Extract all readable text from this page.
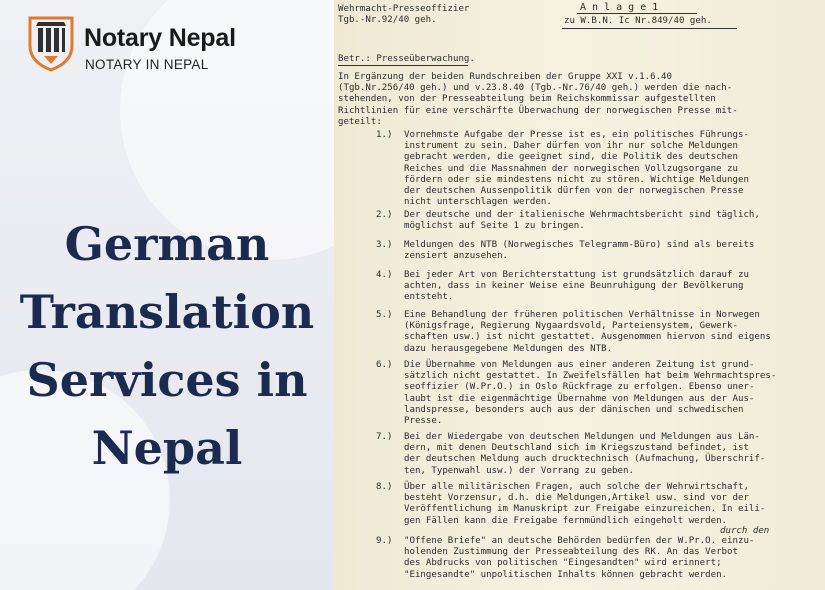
Notary Nepal
NOTARY IN NEPAL
German
Translation
Services in
Nepal
Wehrmacht-Presseoffizier
Tgb.-Nr.92/40 geh.
A n l a g e 1
zu W.B.N. Ic Nr.849/40 geh.
Betr.: Presseüberwachung.

In Ergänzung der beiden Rundschreiben der Gruppe XXI v.1.6.40

(Tgb.Nr.256/40 geh.) und v.23.8.40 (Tgb.-Nr.76/40 geh.) werden die nach-

stehenden, von der Presseabteilung beim Reichskommissar aufgestellten

Richtlinien für eine verschärfte Überwachung der norwegischen Presse mit-

geteilt:

1.)	Vornehmste Aufgabe der Presse ist es, ein politisches Führungs-

instrument zu sein. Daher dürfen von ihr nur solche Meldungen

gebracht werden, die geeignet sind, die Politik des deutschen

Reiches und die Massnahmen der norwegischen Vollzugsorgane zu

fördern oder sie mindestens nicht zu stören. Wichtige Meldungen

der deutschen Aussenpolitik dürfen von der norwegischen Presse

nicht unterschlagen werden.

2.)	Der deutsche und der italienische Wehrmachtsbericht sind täglich,

möglichst auf Seite 1 zu bringen.

3.)	Meldungen des NTB (Norwegisches Telegramm-Büro) sind als bereits

zensiert anzusehen.

4.)	Bei jeder Art von Berichterstattung ist grundsätzlich darauf zu

achten, dass in keiner Weise eine Beunruhigung der Bevölkerung

entsteht.

5.)	Eine Behandlung der früheren politischen Verhältnisse in Norwegen

(Königsfrage, Regierung Nygaardsvold, Parteiensystem, Gewerk-

schaften usw.) ist nicht gestattet. Ausgenommen hiervon sind eigens

dazu herausgegebene Meldungen des NTB.

6.)	Die Übernahme von Meldungen aus einer anderen Zeitung ist grund-

sätzlich nicht gestattet. In Zweifelsfällen hat beim Wehrmachtspres-

seoffizier (W.Pr.O.) in Oslo Rückfrage zu erfolgen. Ebenso uner-

laubt ist die eigenmächtige Übernahme von Meldungen aus der Aus-

landspresse, besonders auch aus der dänischen und schwedischen

Presse.

7.)	Bei der Wiedergabe von deutschen Meldungen und Meldungen aus Län-

dern, mit denen Deutschland sich im Kriegszustand befindet, ist

der deutschen Meldung auch drucktechnisch (Aufmachung, Überschrif-

ten, Typenwahl usw.) der Vorrang zu geben.

8.)	Über alle militärischen Fragen, auch solche der Wehrwirtschaft,

besteht Vorzensur, d.h. die Meldungen,Artikel usw. sind vor der

Veröffentlichung im Manuskript zur Freigabe einzureichen. In eili-

gen Fällen kann die Freigabe fernmündlich eingeholt werden.

durch den
9.)	"Offene Briefe" an deutsche Behörden bedürfen der W.Pr.O. einzu-

holenden Zustimmung der Presseabteilung des RK. An das Verbot

des Abdrucks von politischen "Eingesandten" wird erinnert;

"Eingesandte" unpolitischen Inhalts können gebracht werden.
